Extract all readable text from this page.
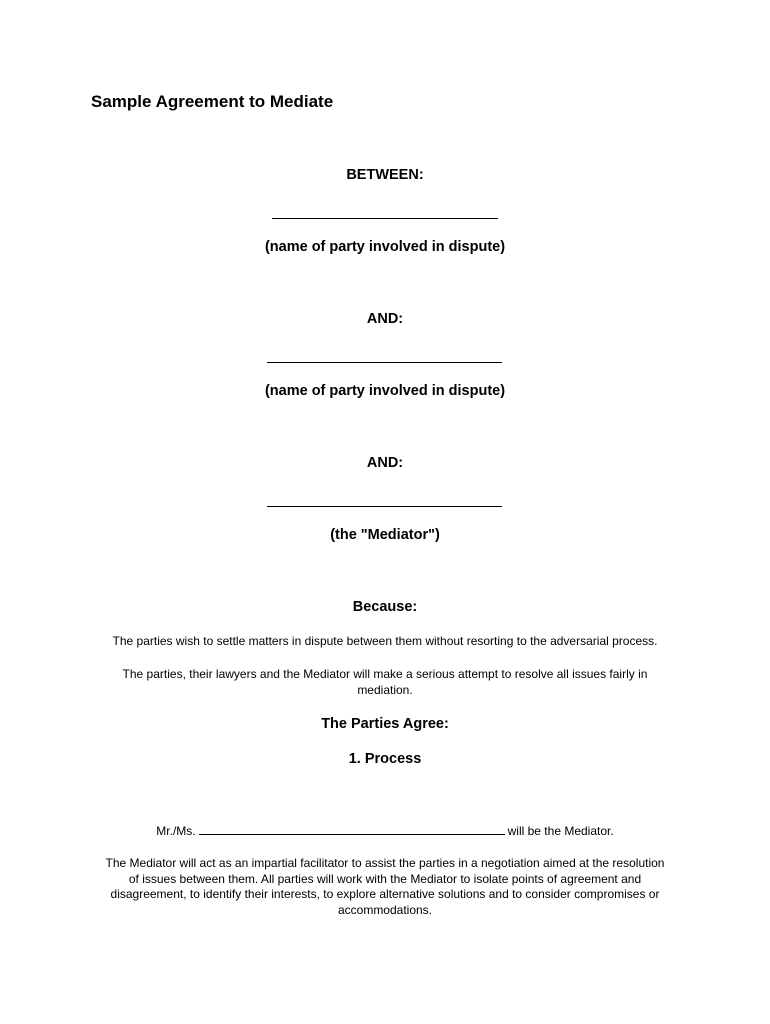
Sample Agreement to Mediate
BETWEEN:
(name of party involved in dispute)
AND:
(name of party involved in dispute)
AND:
(the "Mediator")
Because:
The parties wish to settle matters in dispute between them without resorting to the adversarial process.
The parties, their lawyers and the Mediator will make a serious attempt to resolve all issues fairly in
mediation.
The Parties Agree:
1. Process
Mr./Ms.	will be the Mediator.
The Mediator will act as an impartial facilitator to assist the parties in a negotiation aimed at the resolution
of issues between them. All parties will work with the Mediator to isolate points of agreement and
disagreement, to identify their interests, to explore alternative solutions and to consider compromises or
accommodations.
